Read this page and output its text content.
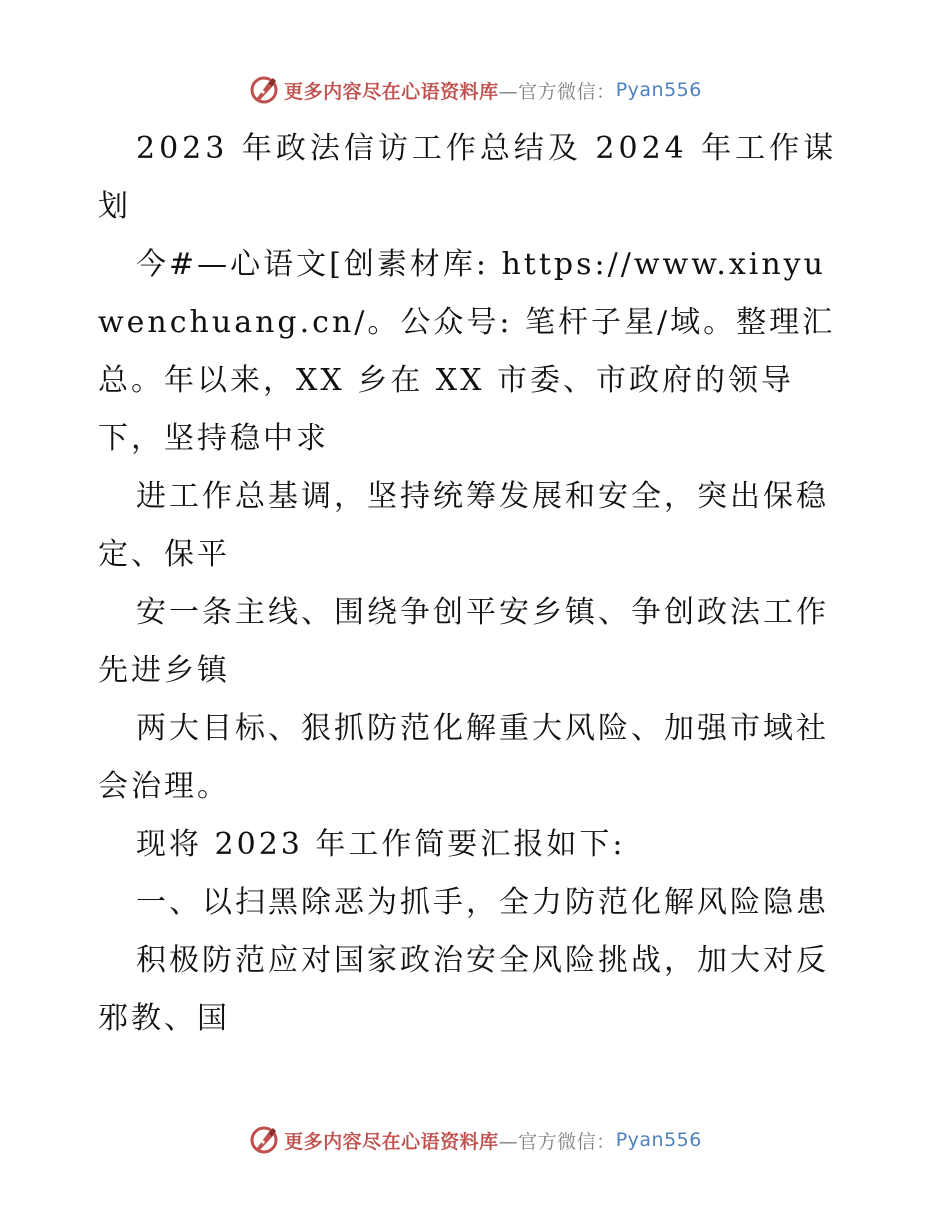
更多内容尽在心语资料库 —官方微信： Pyan556

2023 年政法信访工作总结及 2024 年工作谋划

今#—心语文[创素材库: https://www.xinyuwenchuang.cn/。公众号: 笔杆子星/域。整理汇总。年以来，XX 乡在 XX 市委、市政府的领导下，坚持稳中求

进工作总基调，坚持统筹发展和安全，突出保稳定、保平

安一条主线、围绕争创平安乡镇、争创政法工作先进乡镇

两大目标、狠抓防范化解重大风险、加强市域社会治理。

现将 2023 年工作简要汇报如下:

一、以扫黑除恶为抓手，全力防范化解风险隐患

积极防范应对国家政治安全风险挑战，加大对反邪教、国

更多内容尽在心语资料库 —官方微信： Pyan556
